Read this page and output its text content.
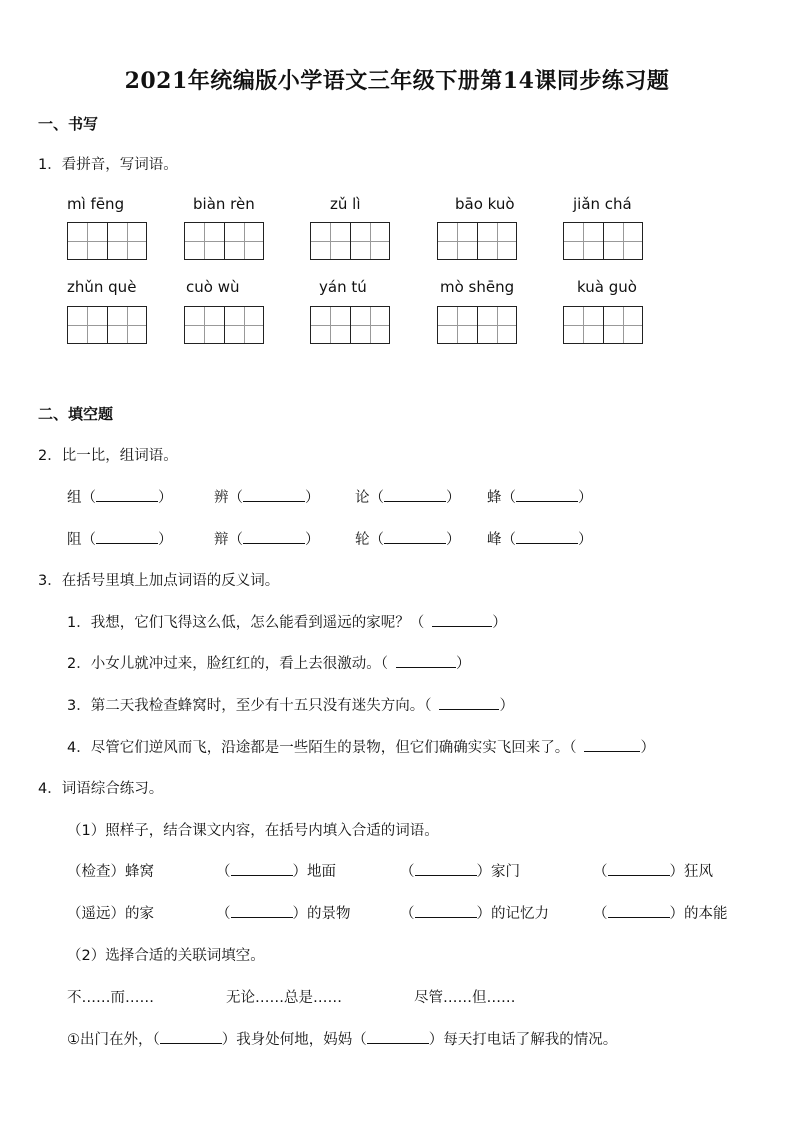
2021年统编版小学语文三年级下册第14课同步练习题
一、书写
1．看拼音，写词语。
mì fēng	biàn rèn	zǔ lì	bāo kuò	jiǎn chá
zhǔn què	cuò wù	yán tú	mò shēng	kuà guò
二、填空题
2．比一比，组词语。
组（	）	辨（	） 论（	） 蜂（	）
阻（	）	辩（	） 轮（	） 峰（	）
3．在括号里填上加点词语的反义词。
1．我想，它们飞得这么低，怎么能看到遥远的家呢？（	）
2．小女儿就冲过来，脸红红的，看上去很激动。（	）
3．第二天我检查蜂窝时，至少有十五只没有迷失方向。（	）
4．尽管它们逆风而飞，沿途都是一些陌生的景物，但它们确确实实飞回来了。（	）
4．词语综合练习。
（1）照样子，结合课文内容，在括号内填入合适的词语。
（检查）蜂窝	（	）地面	（	）家门	（	）狂风
（遥远）的家	（	）的景物	（	）的记忆力	（	）的本能
（2）选择合适的关联词填空。
不……而……	无论……总是……	尽管……但……
①出门在外，（	）我身处何地，妈妈（	）每天打电话了解我的情况。
